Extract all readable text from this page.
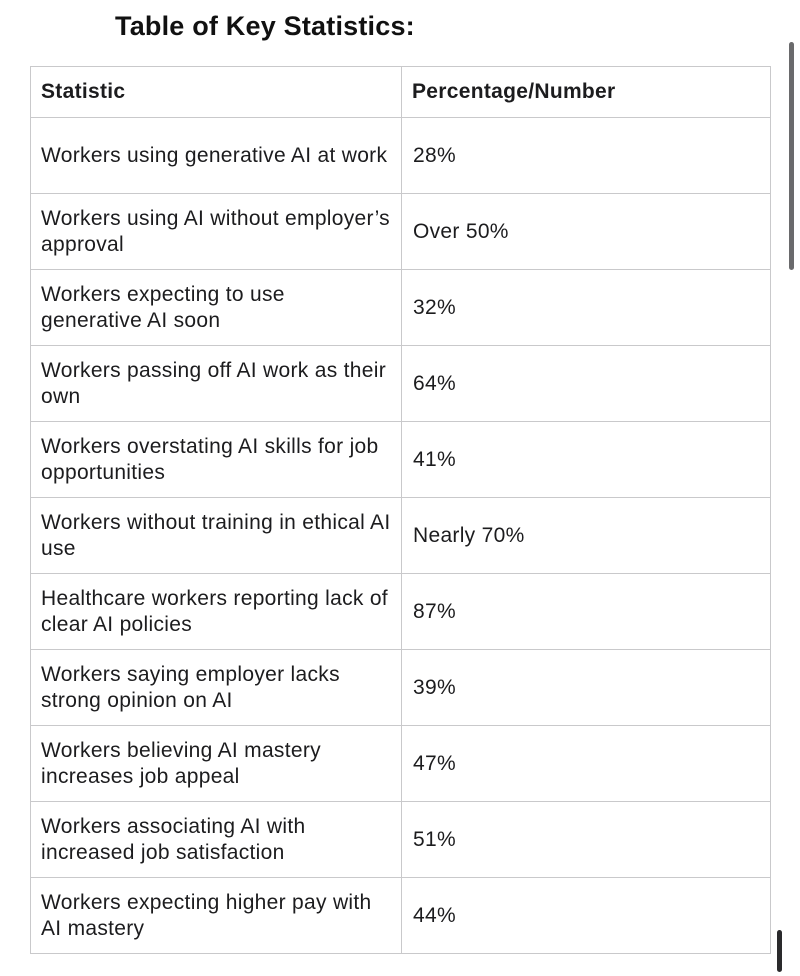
Table of Key Statistics:
Statistic	Percentage/Number
Workers using generative AI at work	28%
Workers using AI without employer’s approval	Over 50%
Workers expecting to use generative AI soon	32%
Workers passing off AI work as their own	64%
Workers overstating AI skills for job opportunities	41%
Workers without training in ethical AI use	Nearly 70%
Healthcare workers reporting lack of clear AI policies	87%
Workers saying employer lacks strong opinion on AI	39%
Workers believing AI mastery increases job appeal	47%
Workers associating AI with increased job satisfaction	51%
Workers expecting higher pay with AI mastery	44%
